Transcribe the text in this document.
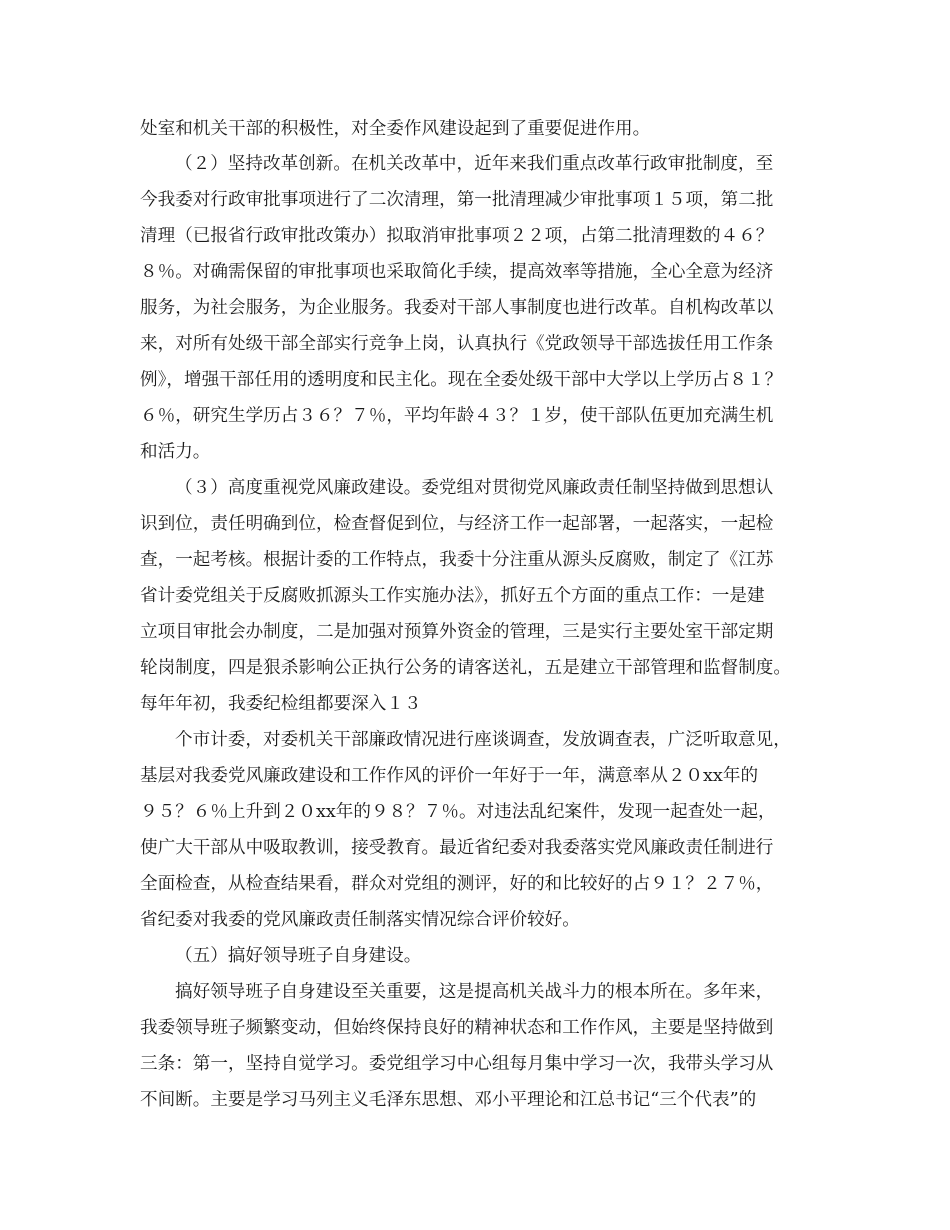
处室和机关干部的积极性，对全委作风建设起到了重要促进作用。
（２）坚持改革创新。在机关改革中，近年来我们重点改革行政审批制度，至
今我委对行政审批事项进行了二次清理，第一批清理减少审批事项１５项，第二批
清理（已报省行政审批改策办）拟取消审批事项２２项，占第二批清理数的４６？
８％。对确需保留的审批事项也采取简化手续，提高效率等措施，全心全意为经济
服务，为社会服务，为企业服务。我委对干部人事制度也进行改革。自机构改革以
来，对所有处级干部全部实行竞争上岗，认真执行《党政领导干部选拔任用工作条
例》，增强干部任用的透明度和民主化。现在全委处级干部中大学以上学历占８１？
６％，研究生学历占３６？７％，平均年龄４３？１岁，使干部队伍更加充满生机
和活力。
（３）高度重视党风廉政建设。委党组对贯彻党风廉政责任制坚持做到思想认
识到位，责任明确到位，检查督促到位，与经济工作一起部署，一起落实，一起检
查，一起考核。根据计委的工作特点，我委十分注重从源头反腐败，制定了《江苏
省计委党组关于反腐败抓源头工作实施办法》，抓好五个方面的重点工作：一是建
立项目审批会办制度，二是加强对预算外资金的管理，三是实行主要处室干部定期
轮岗制度，四是狠杀影响公正执行公务的请客送礼，五是建立干部管理和监督制度。
每年年初，我委纪检组都要深入１３
个市计委，对委机关干部廉政情况进行座谈调查，发放调查表，广泛听取意见，
基层对我委党风廉政建设和工作作风的评价一年好于一年，满意率从２０xx年的
９５？６％上升到２０xx年的９８？７％。对违法乱纪案件，发现一起查处一起，
使广大干部从中吸取教训，接受教育。最近省纪委对我委落实党风廉政责任制进行
全面检查，从检查结果看，群众对党组的测评，好的和比较好的占９１？２７％，
省纪委对我委的党风廉政责任制落实情况综合评价较好。
（五）搞好领导班子自身建设。
搞好领导班子自身建设至关重要，这是提高机关战斗力的根本所在。多年来，
我委领导班子频繁变动，但始终保持良好的精神状态和工作作风，主要是坚持做到
三条：第一，坚持自觉学习。委党组学习中心组每月集中学习一次，我带头学习从
不间断。主要是学习马列主义毛泽东思想、邓小平理论和江总书记“三个代表”的
